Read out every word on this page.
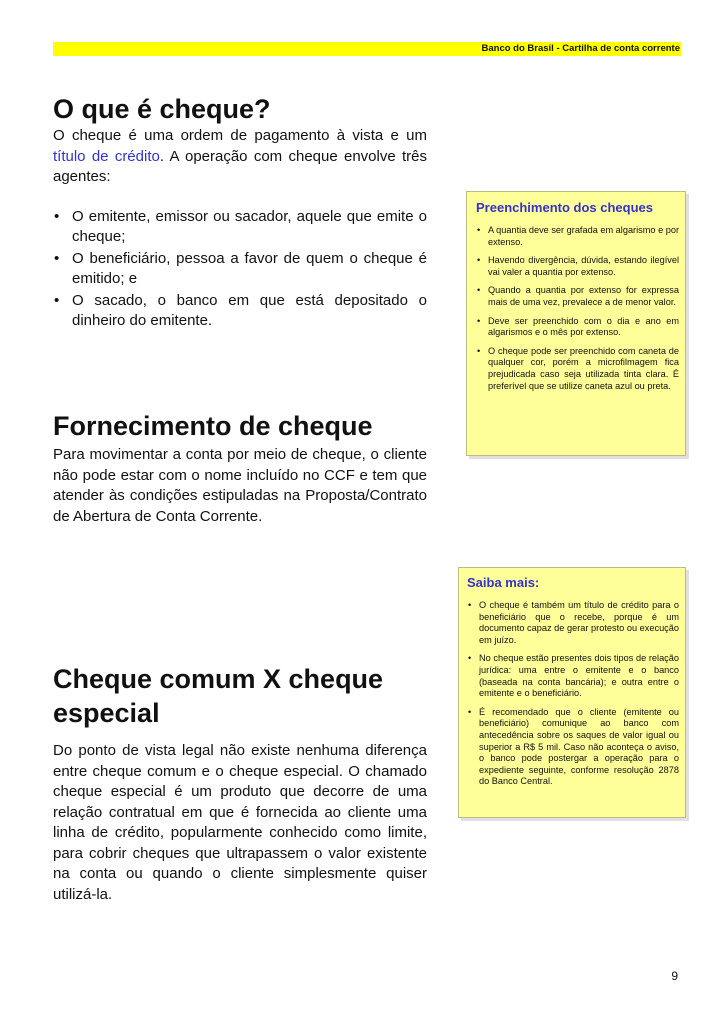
Banco do Brasil - Cartilha de conta corrente
O que é cheque?

O cheque é uma ordem de pagamento à vista e um título de crédito. A operação com cheque envolve três agentes:

• O emitente, emissor ou sacador, aquele que emite o cheque;
• O beneficiário, pessoa a favor de quem o cheque é emitido; e
• O sacado, o banco em que está depositado o dinheiro do emitente.
Fornecimento de cheque

Para movimentar a conta por meio de cheque, o cliente não pode estar com o nome incluído no CCF e tem que atender às condições estipuladas na Proposta/Contrato de Abertura de Conta Corrente.

Cheque comum X cheque especial

Do ponto de vista legal não existe nenhuma diferença entre cheque comum e o cheque especial. O chamado cheque especial é um produto que decorre de uma relação contratual em que é fornecida ao cliente uma linha de crédito, popularmente conhecido como limite, para cobrir cheques que ultrapassem o valor existente na conta ou quando o cliente simplesmente quiser utilizá-la.

Preenchimento dos cheques

• A quantia deve ser grafada em algarismo e por extenso.
• Havendo divergência, dúvida, estando ilegível vai valer a quantia por extenso.
• Quando a quantia por extenso for expressa mais de uma vez, prevalece a de menor valor.
• Deve ser preenchido com o dia e ano em algarismos e o mês por extenso.
• O cheque pode ser preenchido com caneta de qualquer cor, porém a microfilmagem fica prejudicada caso seja utilizada tinta clara. É preferível que se utilize caneta azul ou preta.

Saiba mais:

• O cheque é também um título de crédito para o beneficiário que o recebe, porque é um documento capaz de gerar protesto ou execução em juízo.
• No cheque estão presentes dois tipos de relação jurídica: uma entre o emitente e o banco (baseada na conta bancária); e outra entre o emitente e o beneficiário.
• É recomendado que o cliente (emitente ou beneficiário) comunique ao banco com antecedência sobre os saques de valor igual ou superior a R$ 5 mil. Caso não aconteça o aviso, o banco pode postergar a operação para o expediente seguinte, conforme resolução 2878 do Banco Central.
9
